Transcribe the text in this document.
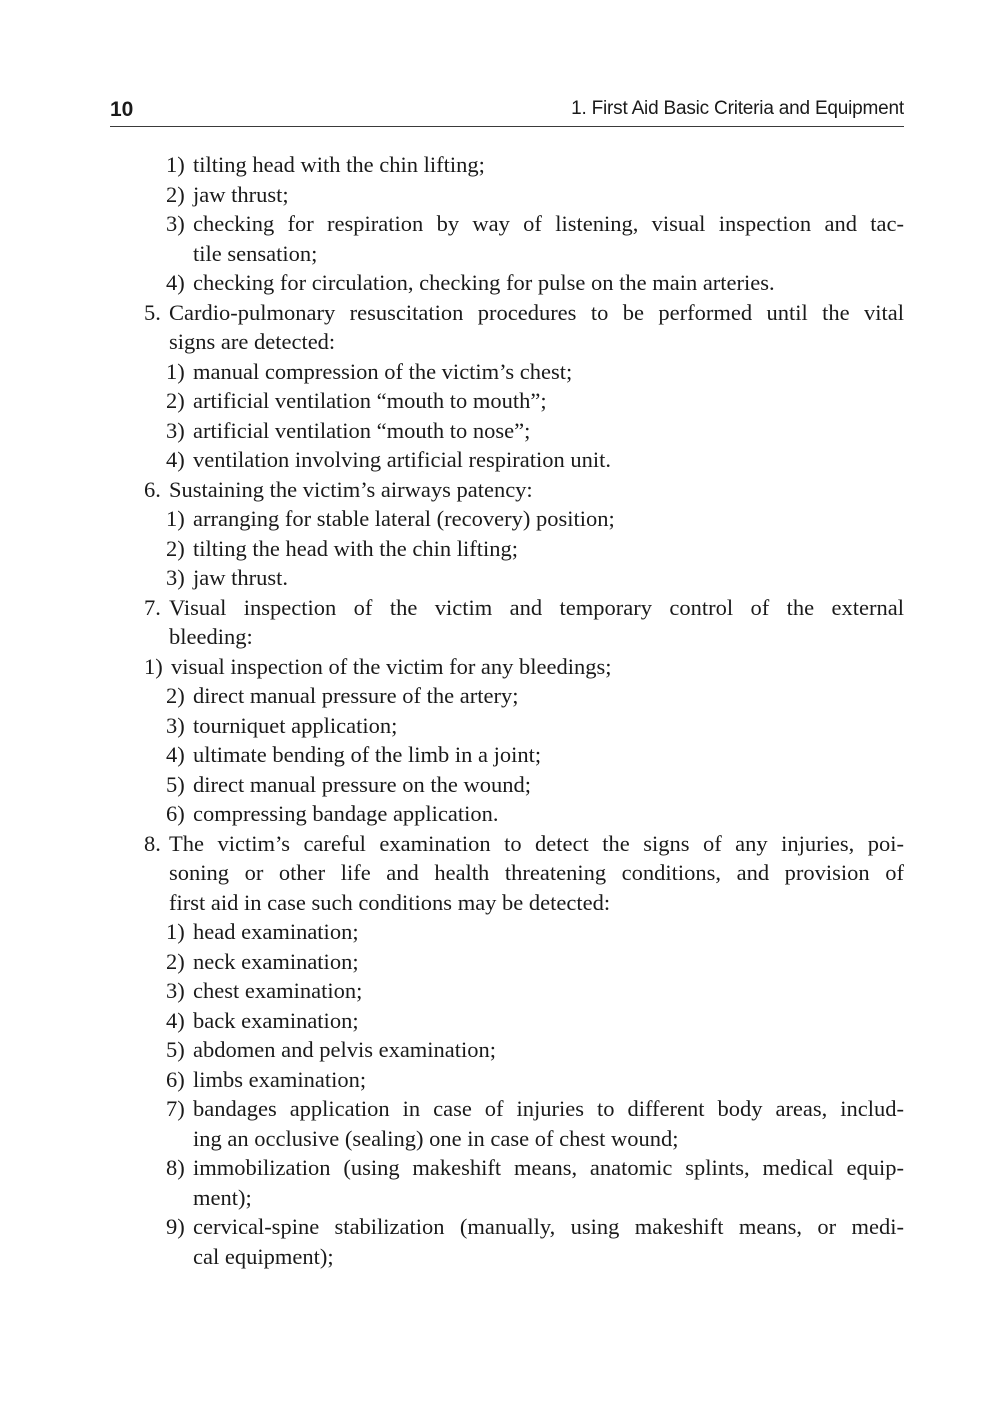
10	1. First Aid Basic Criteria and Equipment
1) tilting head with the chin lifting;
2) jaw thrust;
3) checking for respiration by way of listening, visual inspection and tac-
tile sensation;
4) checking for circulation, checking for pulse on the main arteries.
5. Cardio-pulmonary resuscitation procedures to be performed until the vital
signs are detected:
1) manual compression of the victim’s chest;
2) artificial ventilation “mouth to mouth”;
3) artificial ventilation “mouth to nose”;
4) ventilation involving artificial respiration unit.
6. Sustaining the victim’s airways patency:
1) arranging for stable lateral (recovery) position;
2) tilting the head with the chin lifting;
3) jaw thrust.
7. Visual inspection of the victim and temporary control of the external
bleeding:
1) visual inspection of the victim for any bleedings;
2) direct manual pressure of the artery;
3) tourniquet application;
4) ultimate bending of the limb in a joint;
5) direct manual pressure on the wound;
6) compressing bandage application.
8. The victim’s careful examination to detect the signs of any injuries, poi-
soning or other life and health threatening conditions, and provision of
first aid in case such conditions may be detected:
1) head examination;
2) neck examination;
3) chest examination;
4) back examination;
5) abdomen and pelvis examination;
6) limbs examination;
7) bandages application in case of injuries to different body areas, includ-
ing an occlusive (sealing) one in case of chest wound;
8) immobilization (using makeshift means, anatomic splints, medical equip-
ment);
9) cervical-spine stabilization (manually, using makeshift means, or medi-
cal equipment);
